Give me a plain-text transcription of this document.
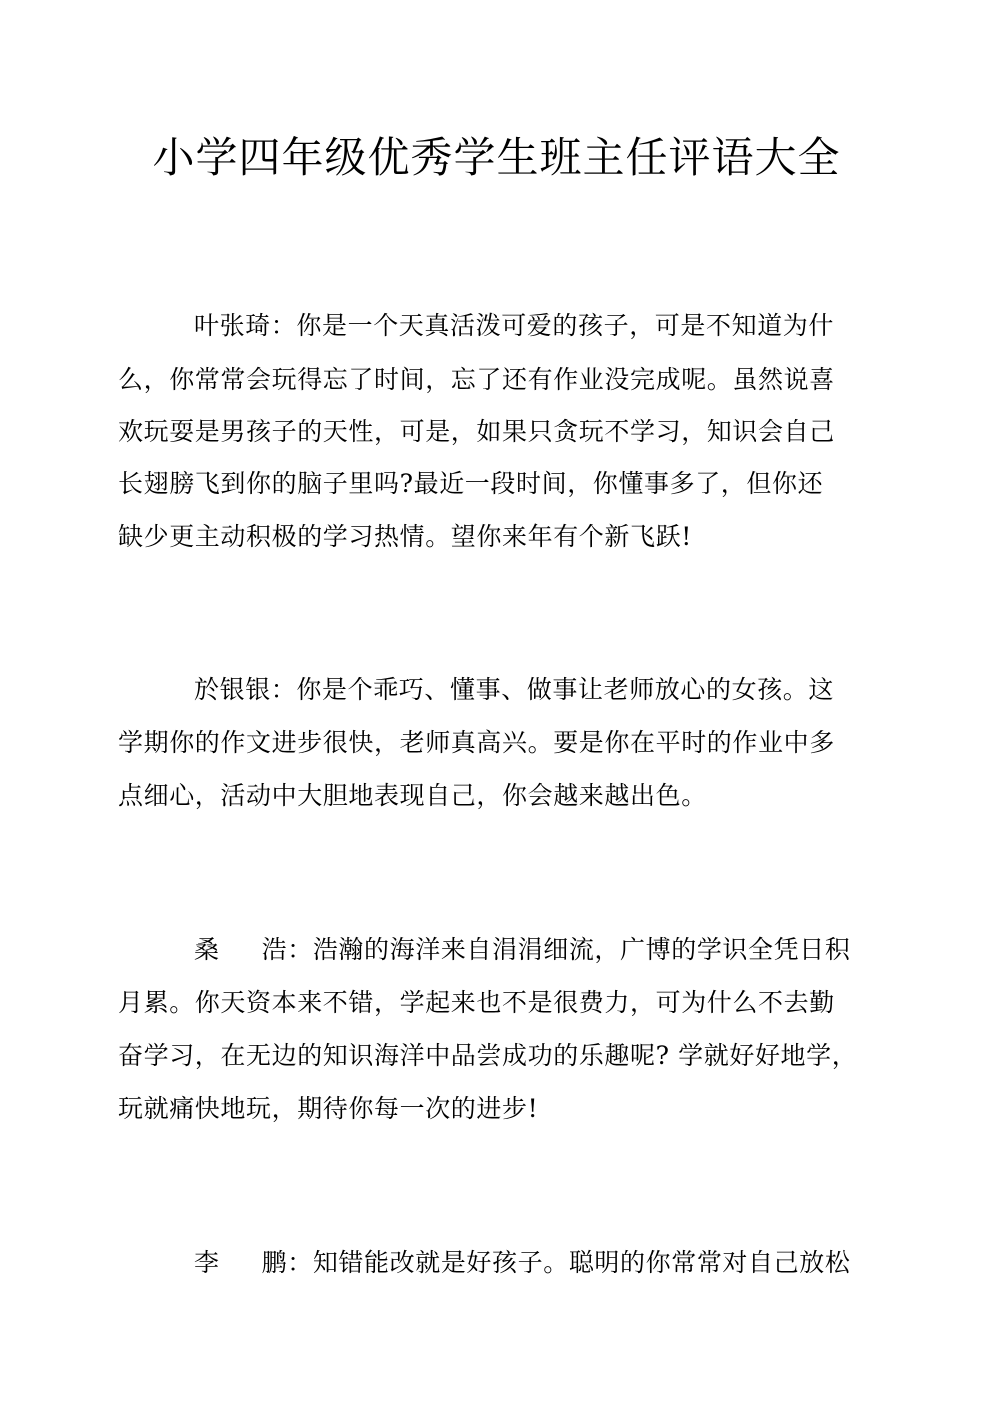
小学四年级优秀学生班主任评语大全
叶张琦：你是一个天真活泼可爱的孩子，可是不知道为什
么，你常常会玩得忘了时间，忘了还有作业没完成呢。虽然说喜
欢玩耍是男孩子的天性，可是，如果只贪玩不学习，知识会自己
长翅膀飞到你的脑子里吗?最近一段时间，你懂事多了，但你还
缺少更主动积极的学习热情。望你来年有个新飞跃!
於银银：你是个乖巧、懂事、做事让老师放心的女孩。这
学期你的作文进步很快，老师真高兴。要是你在平时的作业中多
点细心，活动中大胆地表现自己，你会越来越出色。
桑 浩：浩瀚的海洋来自涓涓细流，广博的学识全凭日积
月累。你天资本来不错，学起来也不是很费力，可为什么不去勤
奋学习，在无边的知识海洋中品尝成功的乐趣呢? 学就好好地学，
玩就痛快地玩，期待你每一次的进步!
李 鹏：知错能改就是好孩子。聪明的你常常对自己放松
